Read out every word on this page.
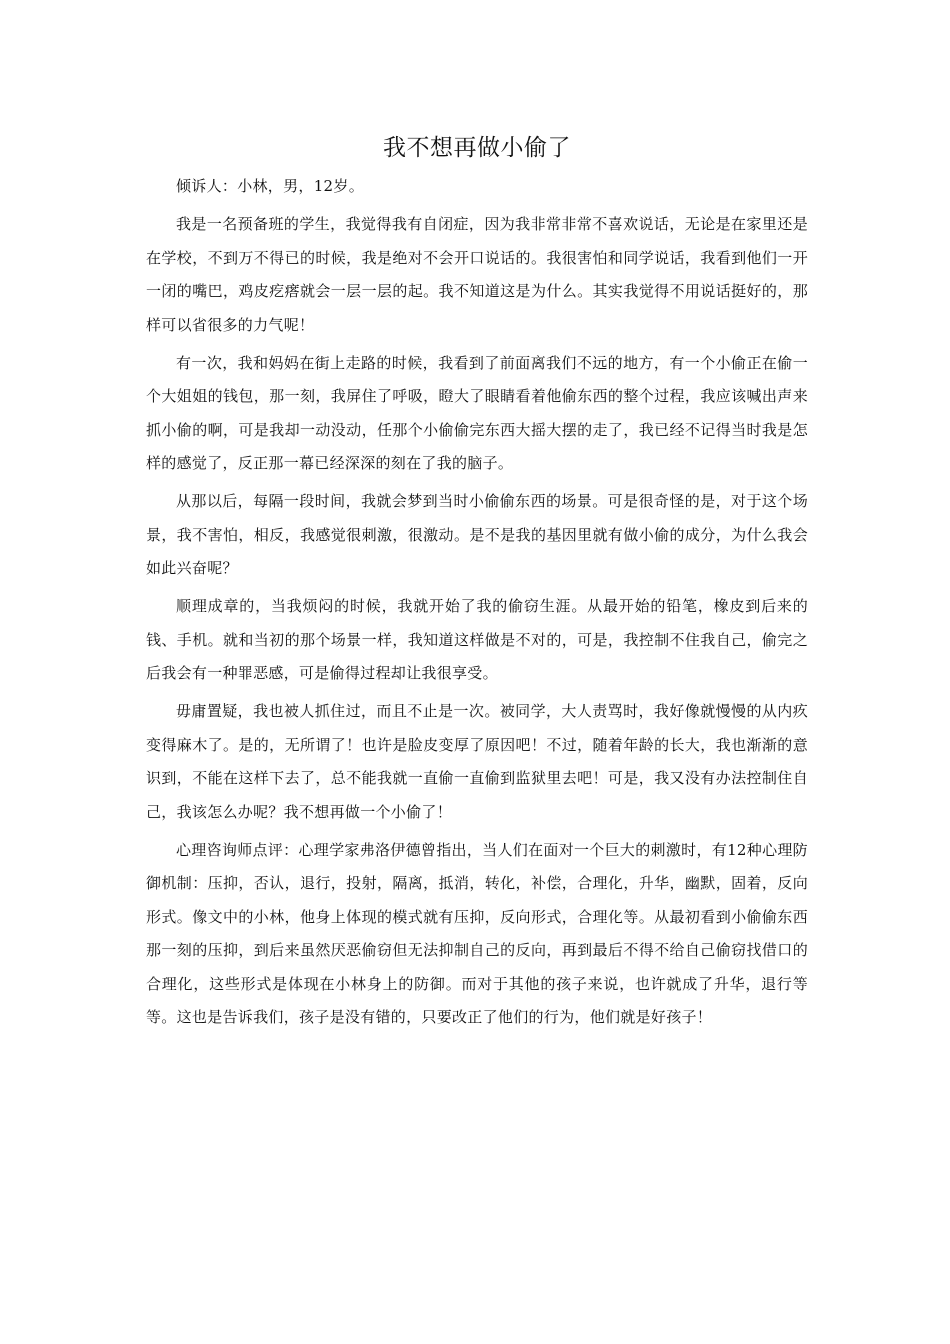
我不想再做小偷了

倾诉人：小林，男，12岁。

我是一名预备班的学生，我觉得我有自闭症，因为我非常非常不喜欢说话，无论是在家里还是在学校，不到万不得已的时候，我是绝对不会开口说话的。我很害怕和同学说话，我看到他们一开一闭的嘴巴，鸡皮疙瘩就会一层一层的起。我不知道这是为什么。其实我觉得不用说话挺好的，那样可以省很多的力气呢！

有一次，我和妈妈在街上走路的时候，我看到了前面离我们不远的地方，有一个小偷正在偷一个大姐姐的钱包，那一刻，我屏住了呼吸，瞪大了眼睛看着他偷东西的整个过程，我应该喊出声来抓小偷的啊，可是我却一动没动，任那个小偷偷完东西大摇大摆的走了，我已经不记得当时我是怎样的感觉了，反正那一幕已经深深的刻在了我的脑子。

从那以后，每隔一段时间，我就会梦到当时小偷偷东西的场景。可是很奇怪的是，对于这个场景，我不害怕，相反，我感觉很刺激，很激动。是不是我的基因里就有做小偷的成分，为什么我会如此兴奋呢？

顺理成章的，当我烦闷的时候，我就开始了我的偷窃生涯。从最开始的铅笔，橡皮到后来的钱、手机。就和当初的那个场景一样，我知道这样做是不对的，可是，我控制不住我自己，偷完之后我会有一种罪恶感，可是偷得过程却让我很享受。

毋庸置疑，我也被人抓住过，而且不止是一次。被同学，大人责骂时，我好像就慢慢的从内疚变得麻木了。是的，无所谓了！也许是脸皮变厚了原因吧！不过，随着年龄的长大，我也渐渐的意识到，不能在这样下去了，总不能我就一直偷一直偷到监狱里去吧！可是，我又没有办法控制住自己，我该怎么办呢？我不想再做一个小偷了！

心理咨询师点评：心理学家弗洛伊德曾指出，当人们在面对一个巨大的刺激时，有12种心理防御机制：压抑，否认，退行，投射，隔离，抵消，转化，补偿，合理化，升华，幽默，固着，反向形式。像文中的小林，他身上体现的模式就有压抑，反向形式，合理化等。从最初看到小偷偷东西那一刻的压抑，到后来虽然厌恶偷窃但无法抑制自己的反向，再到最后不得不给自己偷窃找借口的合理化，这些形式是体现在小林身上的防御。而对于其他的孩子来说，也许就成了升华，退行等等。这也是告诉我们，孩子是没有错的，只要改正了他们的行为，他们就是好孩子！
